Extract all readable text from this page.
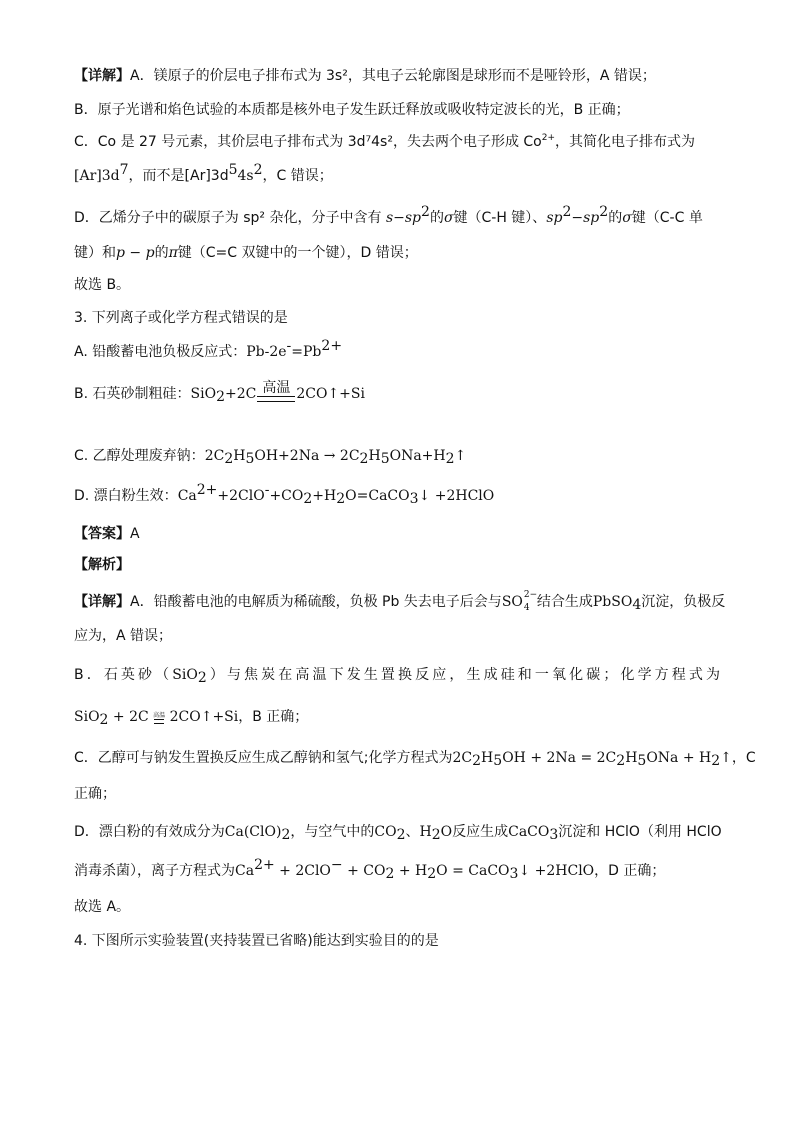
【详解】A．镁原子的价层电子排布式为 3s²，其电子云轮廓图是球形而不是哑铃形，A 错误；
B．原子光谱和焰色试验的本质都是核外电子发生跃迁释放或吸收特定波长的光，B 正确；
C．Co 是 27 号元素，其价层电子排布式为 3d⁷4s²，失去两个电子形成 $Co^{2+}$，其简化电子排布式为
$[Ar]3d^7$，而不是$[Ar]3d^54s^2$，C 错误；
D．乙烯分子中的碳原子为 sp² 杂化，分子中含有 $s-sp^2$的σ键（C-H 键）、$sp^2-sp^2$的σ键（C-C 单
键）和p − p的π键（C=C 双键中的一个键），D 错误；
故选 B。
3. 下列离子或化学方程式错误的是
A. 铅酸蓄电池负极反应式：$Pb-2e^-=Pb^{2+}$
B. 石英砂制粗硅：SiO$_2$+2C 高温 2CO↑+Si
C. 乙醇处理废弃钠：$2C_2H_5OH+2Na$ → $2C_2H_5ONa+H_2↑$
D. 漂白粉生效：$Ca^{2+}+2ClO^-+CO_2+H_2O=CaCO_3↓$ +2HClO
【答案】A
【解析】
【详解】A．铅酸蓄电池的电解质为稀硫酸，负极 Pb 失去电子后会与SO 2−
4 结合生成PbSO$_4$沉淀，负极反
应为，A 错误；
B．石英砂（SiO$_2$）与焦炭在高温下发生置换反应，生成硅和一氧化碳；化学方程式为
SiO$_2$ + 2C 高温 2CO↑+Si，B 正确；
C．乙醇可与钠发生置换反应生成乙醇钠和氢气;化学方程式为$2C_2H_5OH + 2Na = 2C_2H_5ONa$ + $H_2↑$，C
正确；
D．漂白粉的有效成分为$Ca(ClO)_2$，与空气中的$CO_2$、$H_2O$反应生成CaCO$_3$沉淀和 HClO（利用 HClO
消毒杀菌），离子方程式为$Ca^{2+} + 2ClO^- + CO_2 + H_2O$ = CaCO$_3$↓ +2HClO，D 正确；
故选 A。
4. 下图所示实验装置(夹持装置已省略)能达到实验目的的是
